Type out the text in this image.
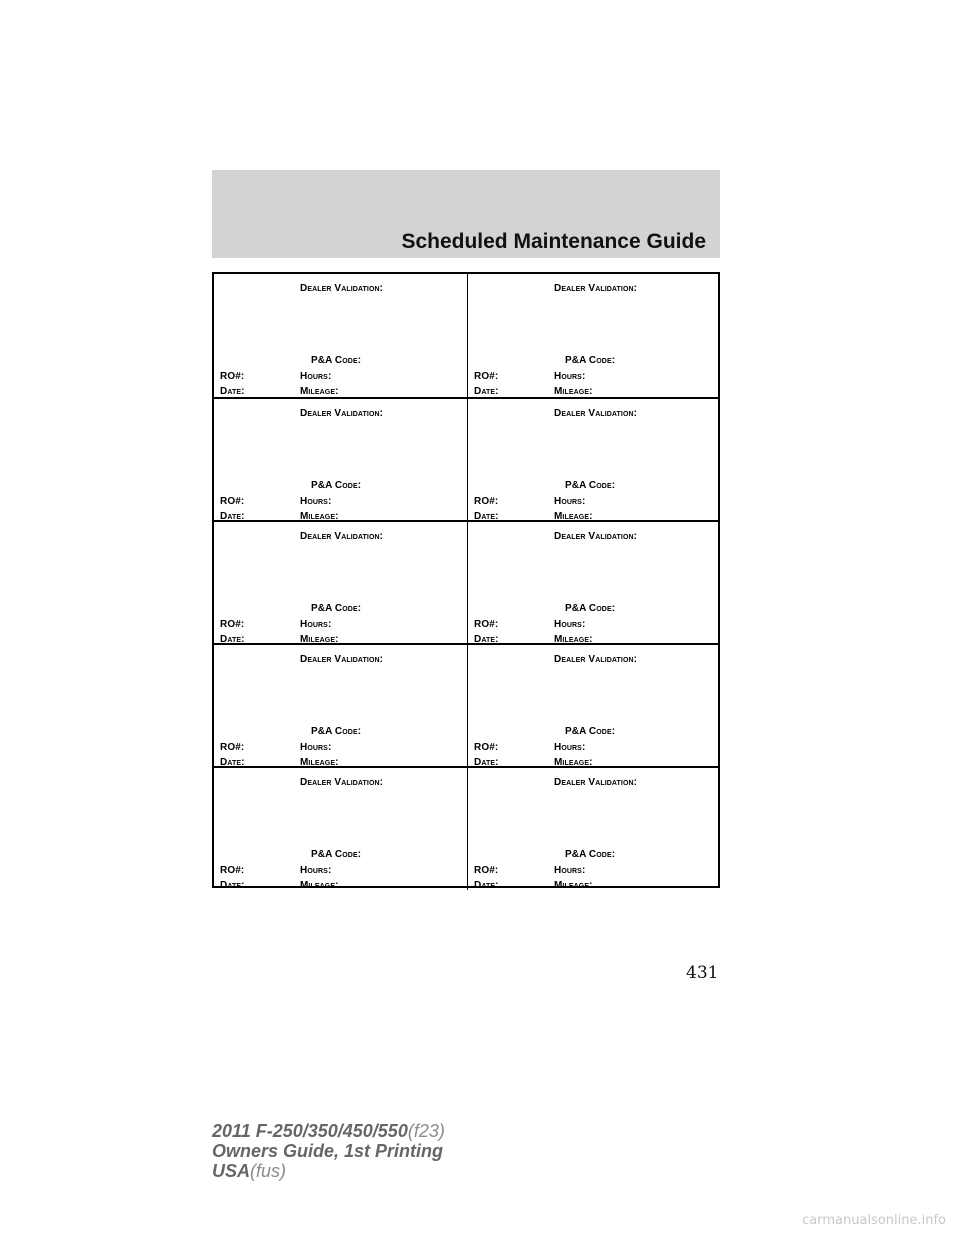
Scheduled Maintenance Guide
Dealer Validation:
P&A Code:
RO#:	Hours:
Date:	Mileage:
Dealer Validation:
P&A Code:
RO#:	Hours:
Date:	Mileage:
Dealer Validation:
P&A Code:
RO#:	Hours:
Date:	Mileage:
Dealer Validation:
P&A Code:
RO#:	Hours:
Date:	Mileage:
Dealer Validation:
P&A Code:
RO#:	Hours:
Date:	Mileage:
Dealer Validation:
P&A Code:
RO#:	Hours:
Date:	Mileage:
Dealer Validation:
P&A Code:
RO#:	Hours:
Date:	Mileage:
Dealer Validation:
P&A Code:
RO#:	Hours:
Date:	Mileage:
Dealer Validation:
P&A Code:
RO#:	Hours:
Date:	Mileage:
Dealer Validation:
P&A Code:
RO#:	Hours:
Date:	Mileage:
431
2011 F-250/350/450/550(f23)
Owners Guide, 1st Printing
USA(fus)
carmanualsonline.info
